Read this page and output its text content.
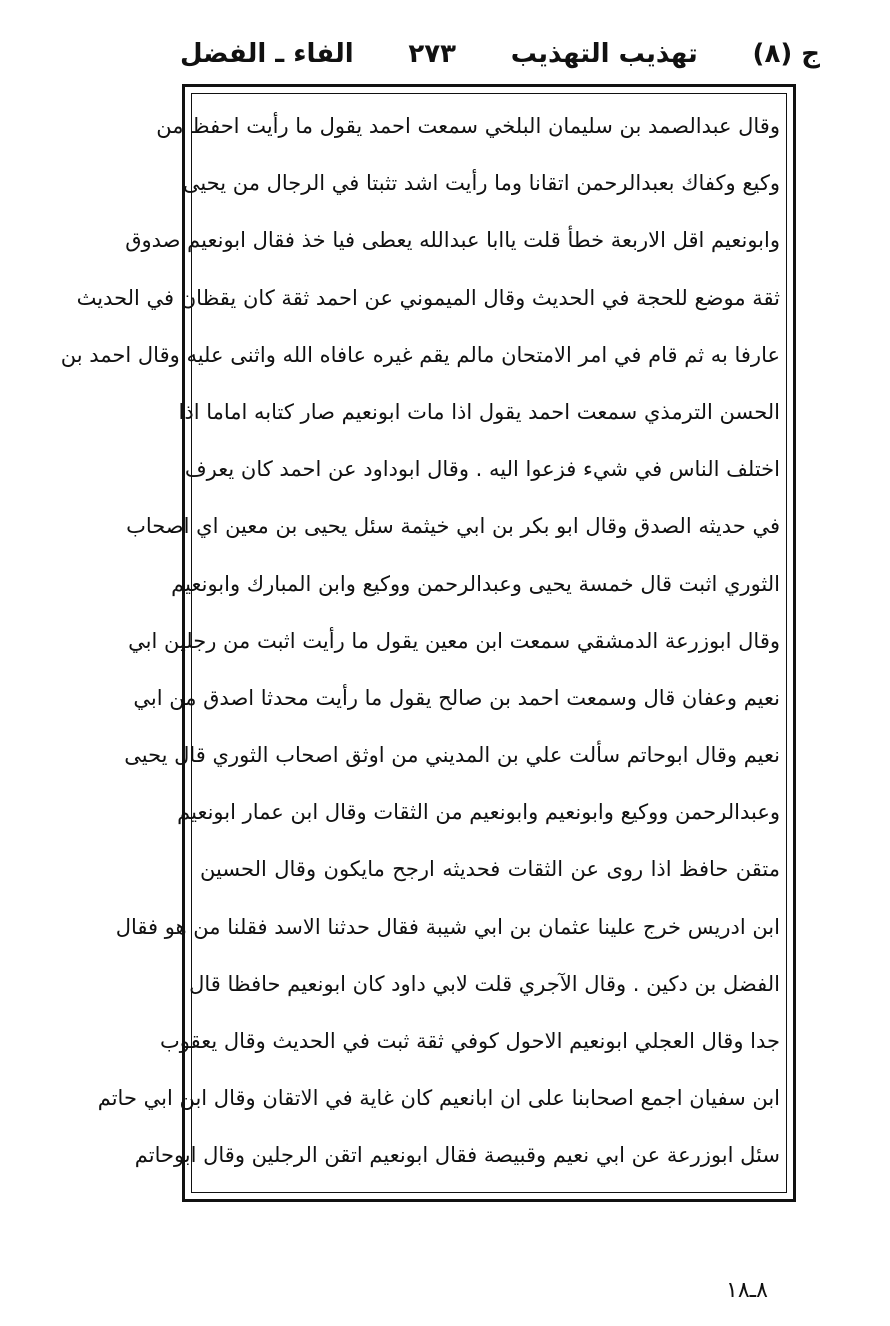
ج (٨)
تهذيب التهذيب
٢٧٣
الفاء ـ الفضل
وقال عبدالصمد بن سليمان البلخي سمعت احمد يقول ما رأيت احفظ من
وكيع وكفاك بعبدالرحمن اتقانا وما رأيت اشد تثبتا في الرجال من يحيى
وابونعيم اقل الاربعة خطأ قلت ياابا عبدالله يعطى فيا خذ فقال ابونعيم صدوق
ثقة موضع للحجة في الحديث وقال الميموني عن احمد ثقة كان يقظان في الحديث
عارفا به ثم قام في امر الامتحان مالم يقم غيره عافاه الله واثنى عليه وقال احمد بن
الحسن الترمذي سمعت احمد يقول اذا مات ابونعيم صار كتابه اماما اذا
اختلف الناس في شيء فزعوا اليه . وقال ابوداود عن احمد كان يعرف
في حديثه الصدق وقال ابو بكر بن ابي خيثمة سئل يحيى بن معين اي اصحاب
الثوري اثبت قال خمسة يحيى وعبدالرحمن ووكيع وابن المبارك وابونعيم
وقال ابوزرعة الدمشقي سمعت ابن معين يقول ما رأيت اثبت من رجلين ابي
نعيم وعفان قال وسمعت احمد بن صالح يقول ما رأيت محدثا اصدق من ابي
نعيم وقال ابوحاتم سألت علي بن المديني من اوثق اصحاب الثوري قال يحيى
وعبدالرحمن ووكيع وابونعيم وابونعيم من الثقات وقال ابن عمار ابونعيم
متقن حافظ اذا روى عن الثقات فحديثه ارجح مايكون وقال الحسين
ابن ادريس خرج علينا عثمان بن ابي شيبة فقال حدثنا الاسد فقلنا من هو فقال
الفضل بن دكين . وقال الآجري قلت لابي داود كان ابونعيم حافظا قال
جدا وقال العجلي ابونعيم الاحول كوفي ثقة ثبت في الحديث وقال يعقوب
ابن سفيان اجمع اصحابنا على ان ابانعيم كان غاية في الاتقان وقال ابن ابي حاتم
سئل ابوزرعة عن ابي نعيم وقبيصة فقال ابونعيم اتقن الرجلين وقال ابوحاتم
٨ـ١٨
